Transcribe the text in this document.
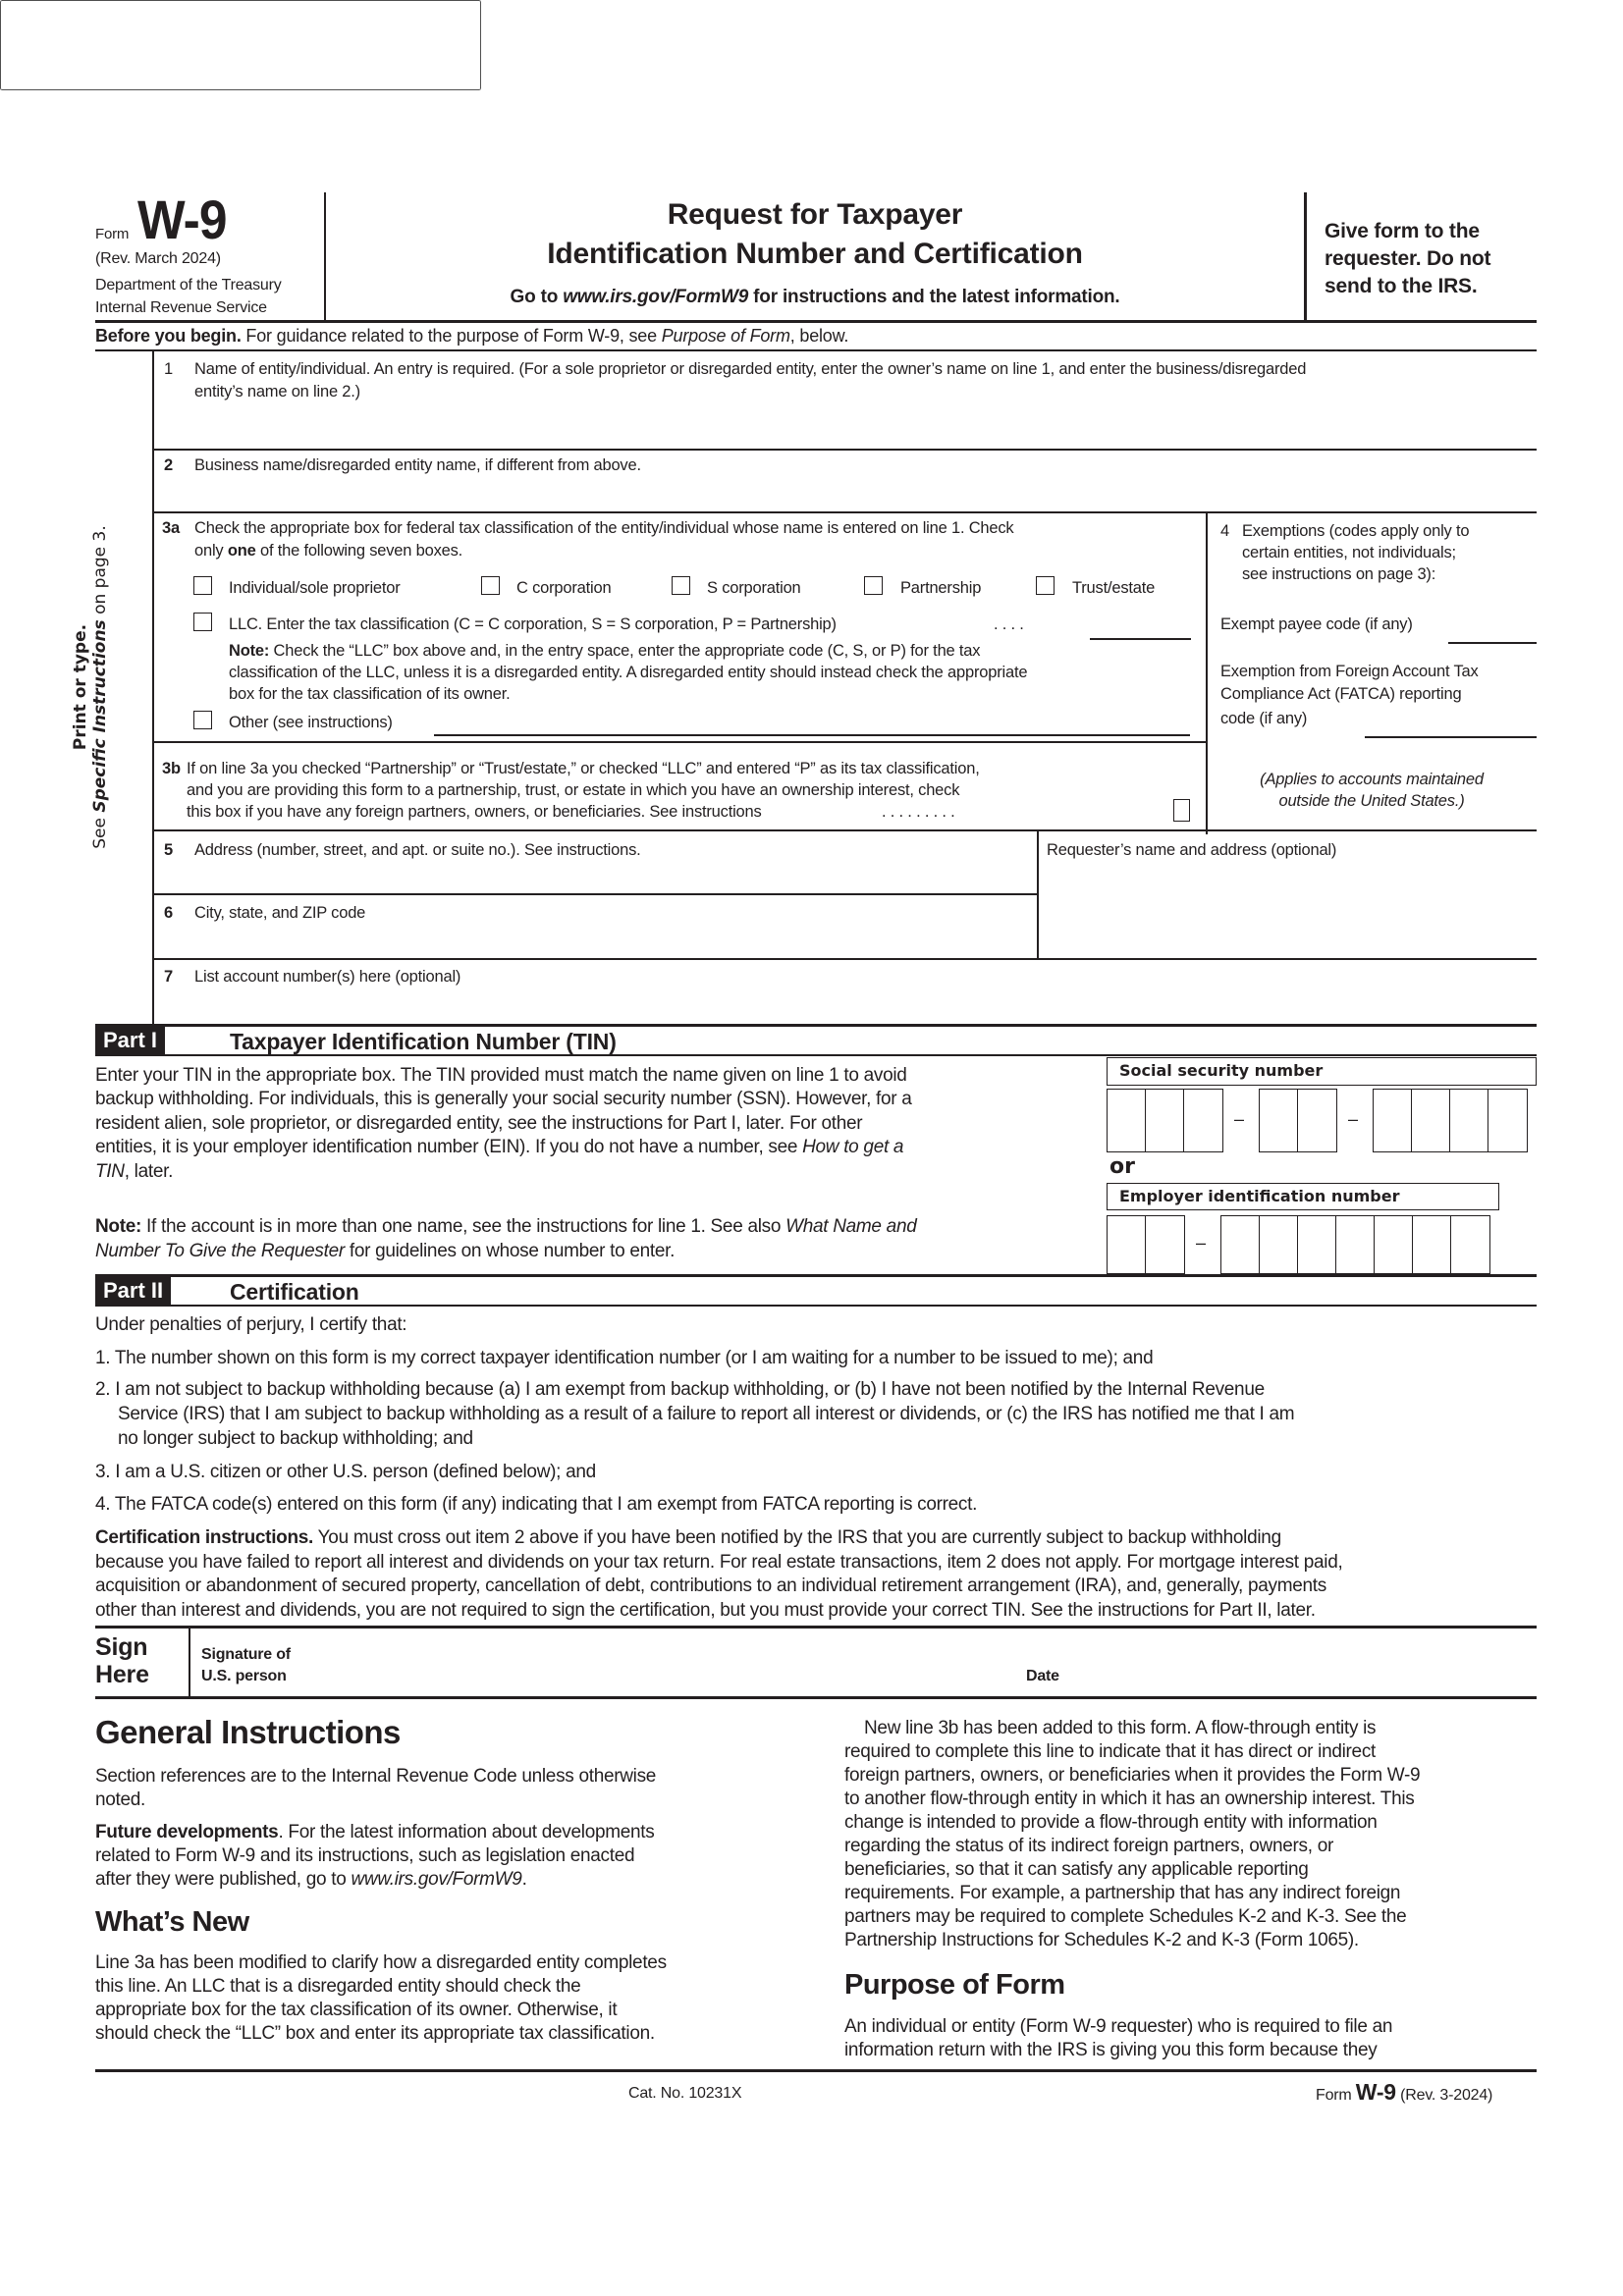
Form W-9
(Rev. March 2024)
Department of the Treasury
Internal Revenue Service
Request for Taxpayer
Identification Number and Certification
Go to www.irs.gov/FormW9 for instructions and the latest information.
Give form to the
requester. Do not
send to the IRS.
Before you begin. For guidance related to the purpose of Form W-9, see Purpose of Form, below.
Print or type.
See Specific Instructions on page 3.
1 Name of entity/individual. An entry is required. (For a sole proprietor or disregarded entity, enter the owner’s name on line 1, and enter the business/disregarded
entity’s name on line 2.)
2 Business name/disregarded entity name, if different from above.
3a Check the appropriate box for federal tax classification of the entity/individual whose name is entered on line 1. Check
only one of the following seven boxes.
Individual/sole proprietor	C corporation	S corporation	Partnership	Trust/estate
LLC. Enter the tax classification (C = C corporation, S = S corporation, P = Partnership)	. . . .
Note: Check the “LLC” box above and, in the entry space, enter the appropriate code (C, S, or P) for the tax
classification of the LLC, unless it is a disregarded entity. A disregarded entity should instead check the appropriate
box for the tax classification of its owner.
Other (see instructions)
4 Exemptions (codes apply only to
certain entities, not individuals;
see instructions on page 3):
Exempt payee code (if any)
Exemption from Foreign Account Tax
Compliance Act (FATCA) reporting
code (if any)
(Applies to accounts maintained
outside the United States.)
3b If on line 3a you checked “Partnership” or “Trust/estate,” or checked “LLC” and entered “P” as its tax classification,
and you are providing this form to a partnership, trust, or estate in which you have an ownership interest, check
this box if you have any foreign partners, owners, or beneficiaries. See instructions	. . . . . . . . .
5 Address (number, street, and apt. or suite no.). See instructions.	Requester’s name and address (optional)
6 City, state, and ZIP code
7 List account number(s) here (optional)
Part I	Taxpayer Identification Number (TIN)
Enter your TIN in the appropriate box. The TIN provided must match the name given on line 1 to avoid
backup withholding. For individuals, this is generally your social security number (SSN). However, for a
resident alien, sole proprietor, or disregarded entity, see the instructions for Part I, later. For other
entities, it is your employer identification number (EIN). If you do not have a number, see How to get a
TIN, later.
Note: If the account is in more than one name, see the instructions for line 1. See also What Name and
Number To Give the Requester for guidelines on whose number to enter.
Social security number
–	–
or
Employer identification number
–
Part II	Certification
Under penalties of perjury, I certify that:
1. The number shown on this form is my correct taxpayer identification number (or I am waiting for a number to be issued to me); and
2. I am not subject to backup withholding because (a) I am exempt from backup withholding, or (b) I have not been notified by the Internal Revenue
Service (IRS) that I am subject to backup withholding as a result of a failure to report all interest or dividends, or (c) the IRS has notified me that I am
no longer subject to backup withholding; and
3. I am a U.S. citizen or other U.S. person (defined below); and
4. The FATCA code(s) entered on this form (if any) indicating that I am exempt from FATCA reporting is correct.
Certification instructions. You must cross out item 2 above if you have been notified by the IRS that you are currently subject to backup withholding
because you have failed to report all interest and dividends on your tax return. For real estate transactions, item 2 does not apply. For mortgage interest paid,
acquisition or abandonment of secured property, cancellation of debt, contributions to an individual retirement arrangement (IRA), and, generally, payments
other than interest and dividends, you are not required to sign the certification, but you must provide your correct TIN. See the instructions for Part II, later.
Sign
Here
Signature of
U.S. person	Date
General Instructions
Section references are to the Internal Revenue Code unless otherwise
noted.
Future developments. For the latest information about developments
related to Form W-9 and its instructions, such as legislation enacted
after they were published, go to www.irs.gov/FormW9.
What’s New
Line 3a has been modified to clarify how a disregarded entity completes
this line. An LLC that is a disregarded entity should check the
appropriate box for the tax classification of its owner. Otherwise, it
should check the “LLC” box and enter its appropriate tax classification.
New line 3b has been added to this form. A flow-through entity is
required to complete this line to indicate that it has direct or indirect
foreign partners, owners, or beneficiaries when it provides the Form W-9
to another flow-through entity in which it has an ownership interest. This
change is intended to provide a flow-through entity with information
regarding the status of its indirect foreign partners, owners, or
beneficiaries, so that it can satisfy any applicable reporting
requirements. For example, a partnership that has any indirect foreign
partners may be required to complete Schedules K-2 and K-3. See the
Partnership Instructions for Schedules K-2 and K-3 (Form 1065).
Purpose of Form
An individual or entity (Form W-9 requester) who is required to file an
information return with the IRS is giving you this form because they
Cat. No. 10231X	Form W-9 (Rev. 3-2024)
